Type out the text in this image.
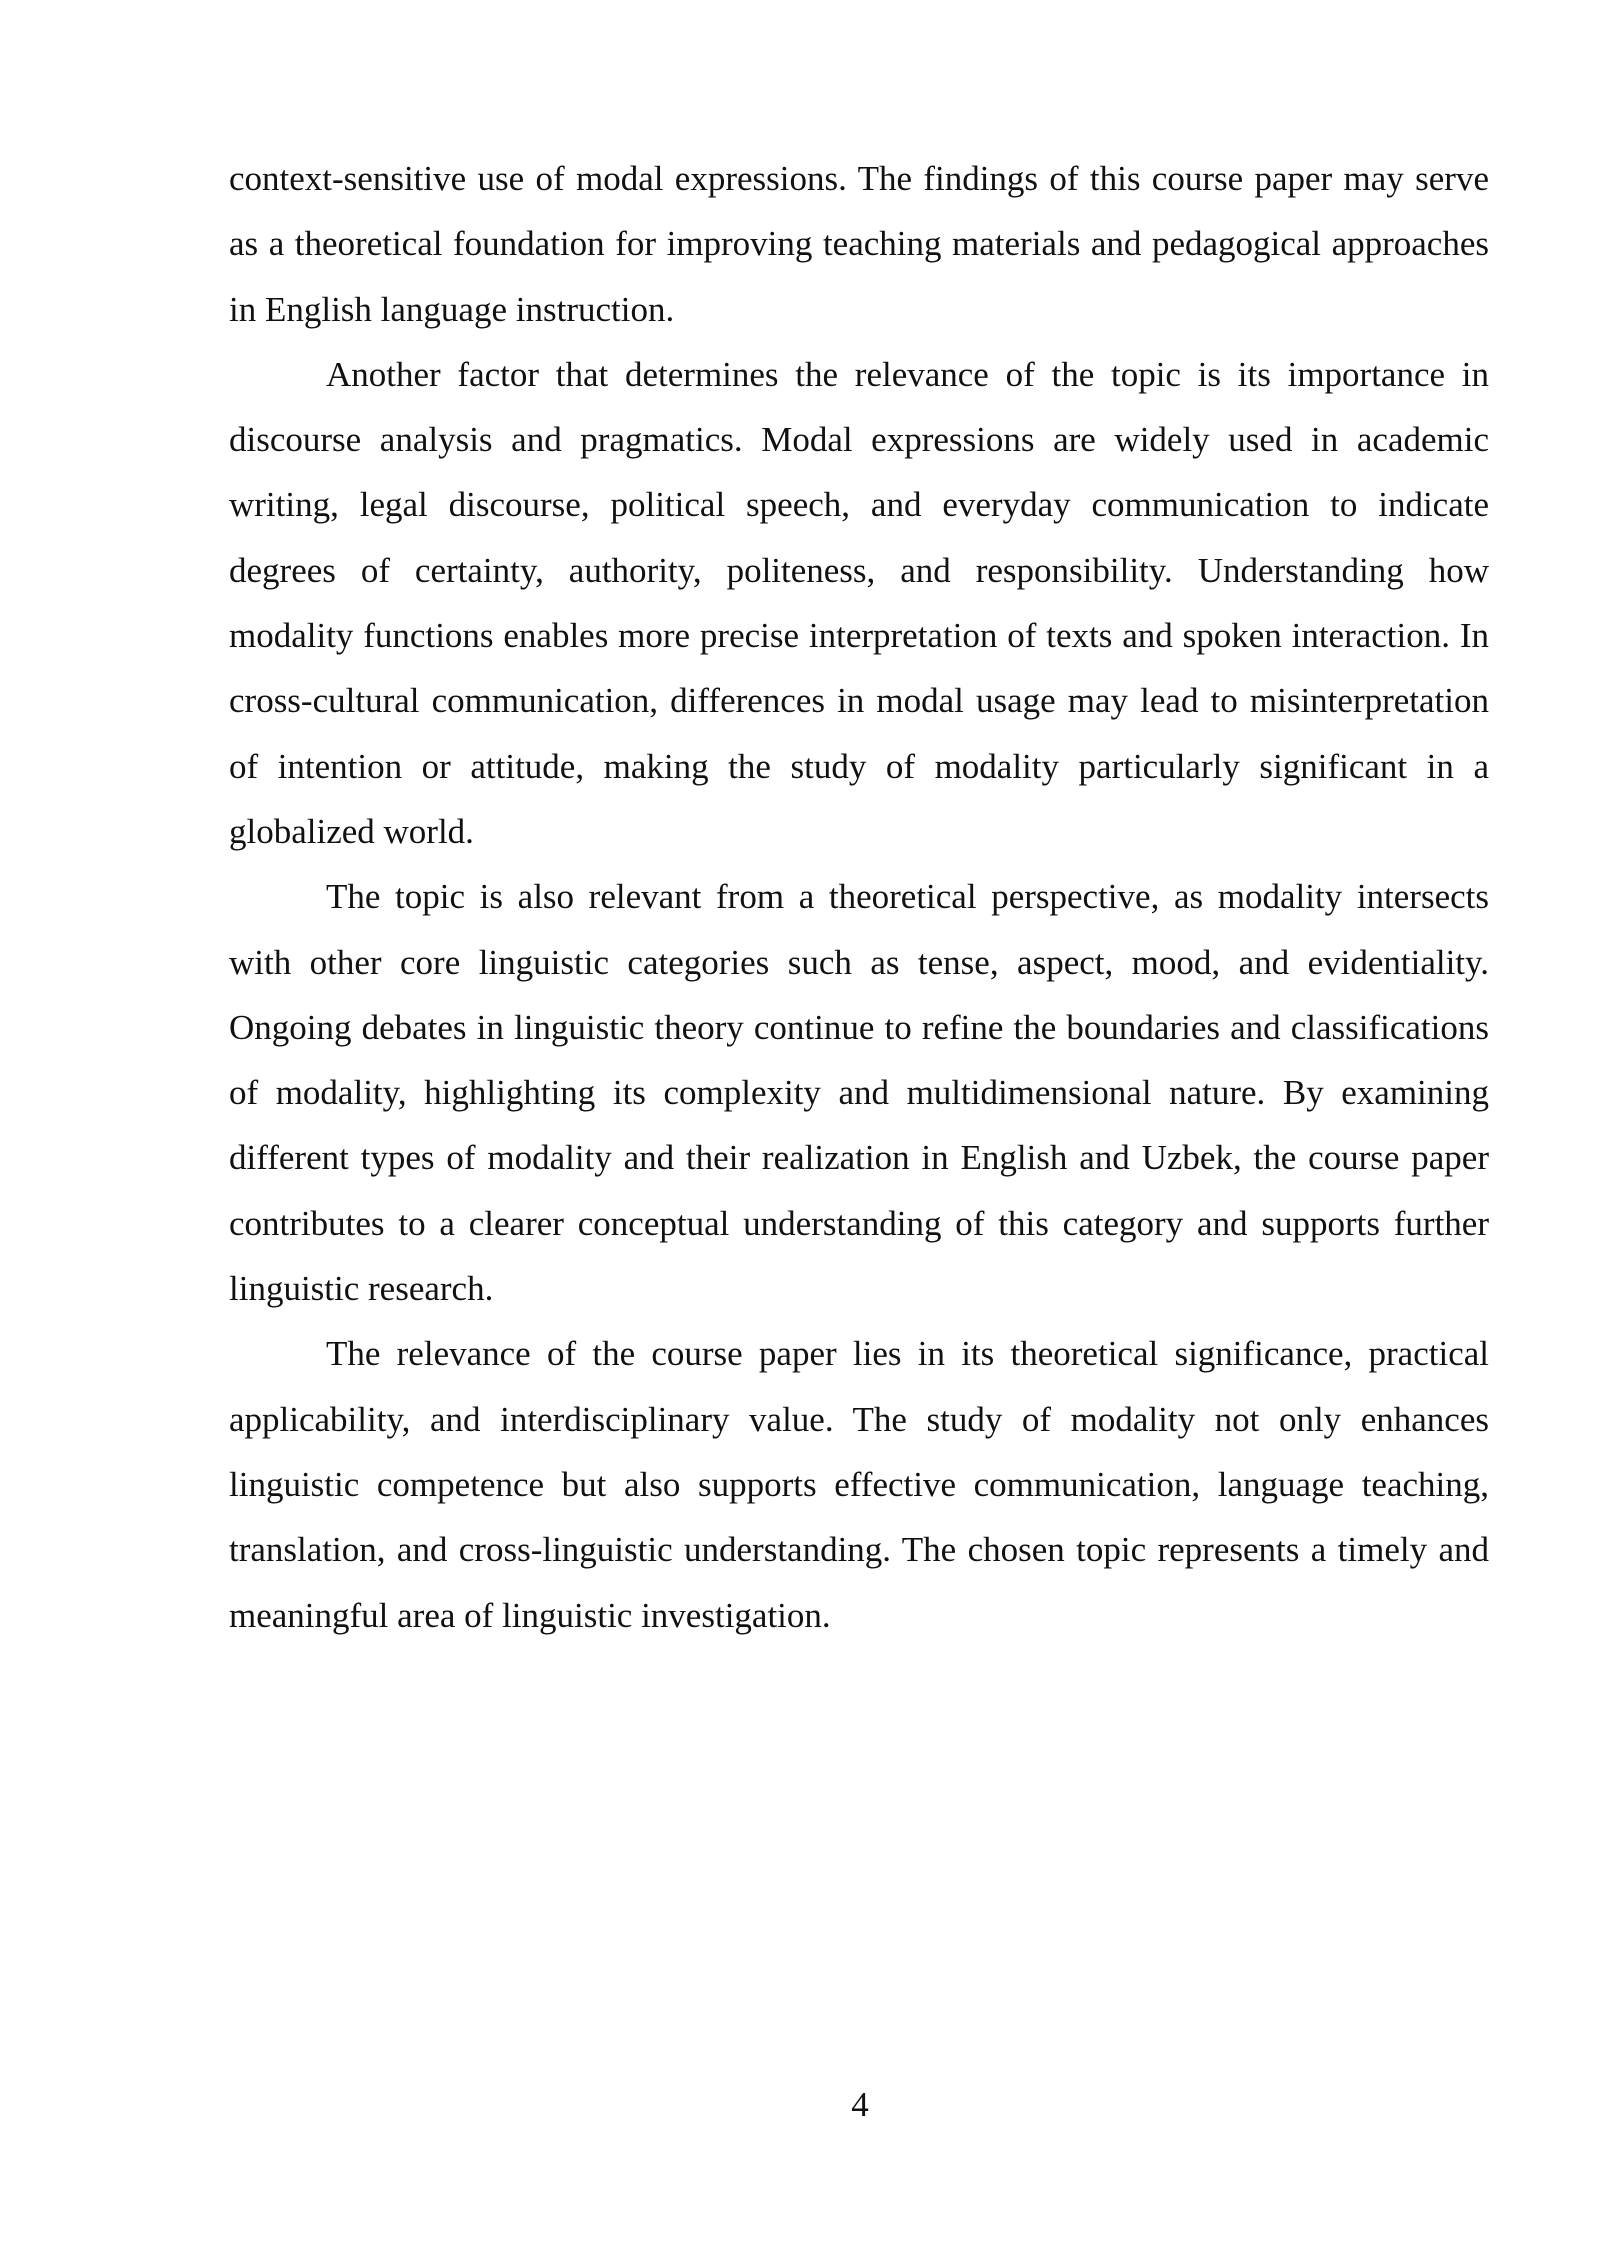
context-sensitive use of modal expressions. The findings of this course paper may serve as a theoretical foundation for improving teaching materials and pedagogical approaches in English language instruction.

Another factor that determines the relevance of the topic is its importance in discourse analysis and pragmatics. Modal expressions are widely used in academic writing, legal discourse, political speech, and everyday communication to indicate degrees of certainty, authority, politeness, and responsibility. Understanding how modality functions enables more precise interpretation of texts and spoken interaction. In cross-cultural communication, differences in modal usage may lead to misinterpretation of intention or attitude, making the study of modality particularly significant in a globalized world.

The topic is also relevant from a theoretical perspective, as modality intersects with other core linguistic categories such as tense, aspect, mood, and evidentiality. Ongoing debates in linguistic theory continue to refine the boundaries and classifications of modality, highlighting its complexity and multidimensional nature. By examining different types of modality and their realization in English and Uzbek, the course paper contributes to a clearer conceptual understanding of this category and supports further linguistic research.

The relevance of the course paper lies in its theoretical significance, practical applicability, and interdisciplinary value. The study of modality not only enhances linguistic competence but also supports effective communication, language teaching, translation, and cross-linguistic understanding. The chosen topic represents a timely and meaningful area of linguistic investigation.

4
